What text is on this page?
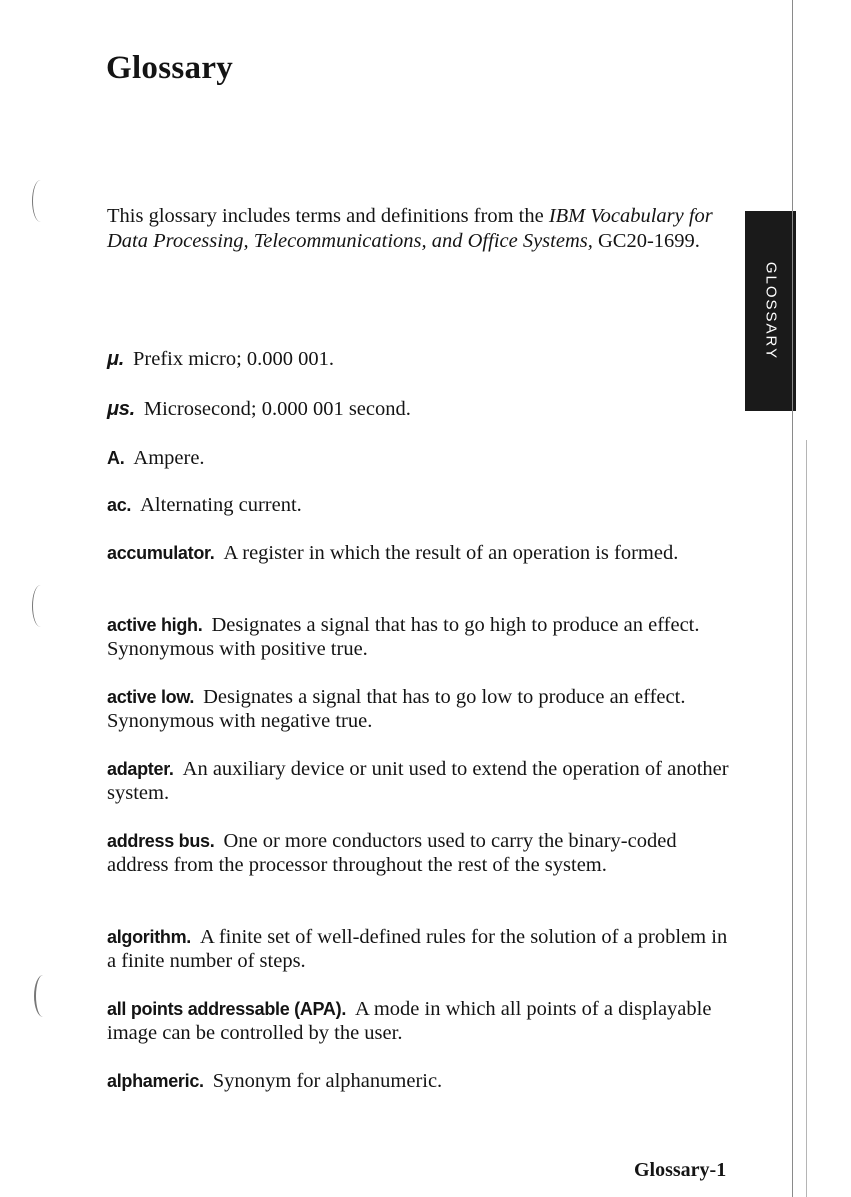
Glossary

This glossary includes terms and definitions from the IBM Vocabulary for Data Processing, Telecommunications, and Office Systems, GC20-1699.

μ. Prefix micro; 0.000 001.

μs. Microsecond; 0.000 001 second.

A. Ampere.

ac. Alternating current.

accumulator. A register in which the result of an operation is formed.

active high. Designates a signal that has to go high to produce an effect. Synonymous with positive true.

active low. Designates a signal that has to go low to produce an effect. Synonymous with negative true.

adapter. An auxiliary device or unit used to extend the operation of another system.

address bus. One or more conductors used to carry the binary-coded address from the processor throughout the rest of the system.

algorithm. A finite set of well-defined rules for the solution of a problem in a finite number of steps.

all points addressable (APA). A mode in which all points of a displayable image can be controlled by the user.

alphameric. Synonym for alphanumeric.

GLOSSARY

Glossary-1
